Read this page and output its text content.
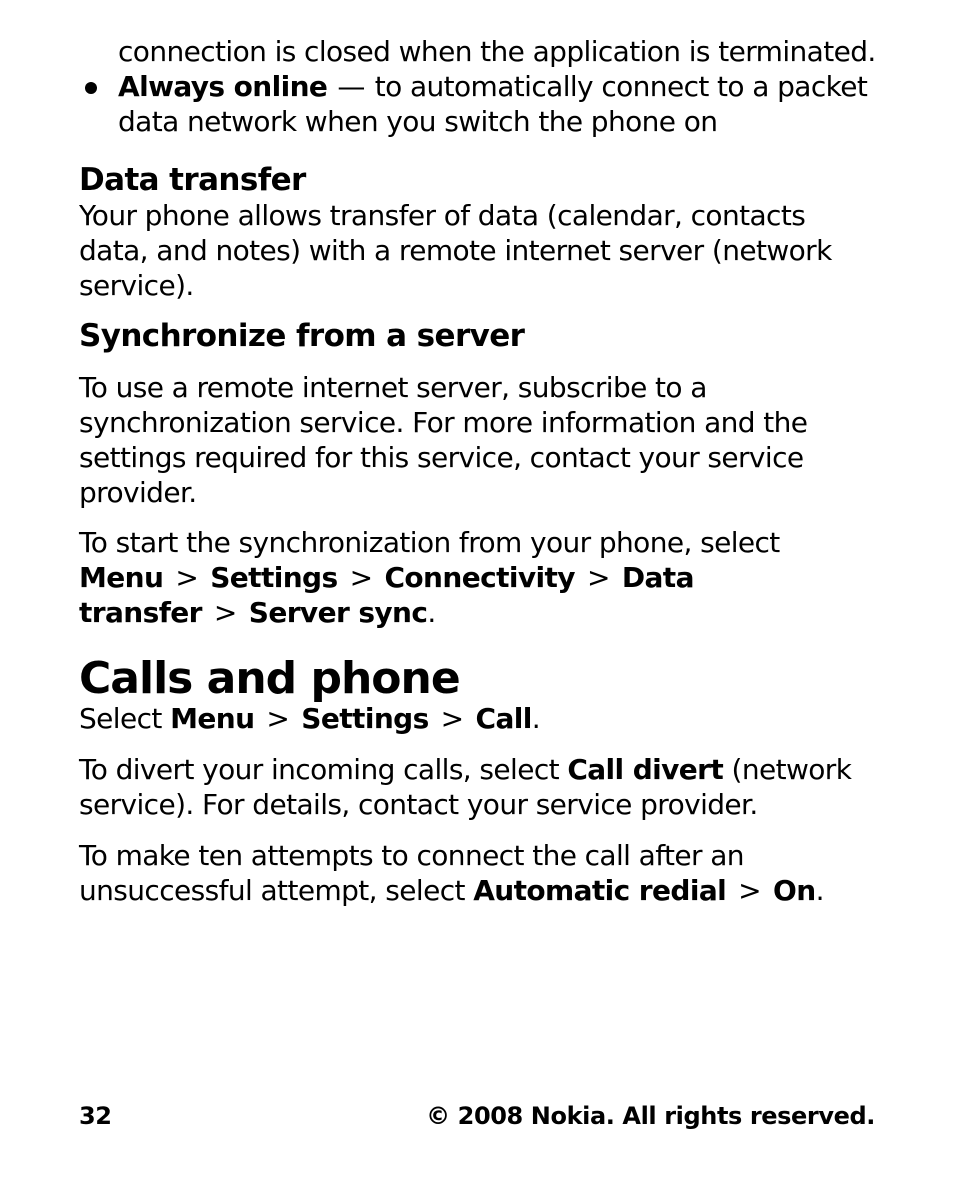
connection is closed when the application is terminated.

Always online — to automatically connect to a packet data network when you switch the phone on

Data transfer

Your phone allows transfer of data (calendar, contacts data, and notes) with a remote internet server (network service).

Synchronize from a server

To use a remote internet server, subscribe to a synchronization service. For more information and the settings required for this service, contact your service provider.

To start the synchronization from your phone, select Menu > Settings > Connectivity > Data transfer > Server sync.

Calls and phone

Select Menu > Settings > Call.

To divert your incoming calls, select Call divert (network service). For details, contact your service provider.

To make ten attempts to connect the call after an unsuccessful attempt, select Automatic redial > On.

32	© 2008 Nokia. All rights reserved.
